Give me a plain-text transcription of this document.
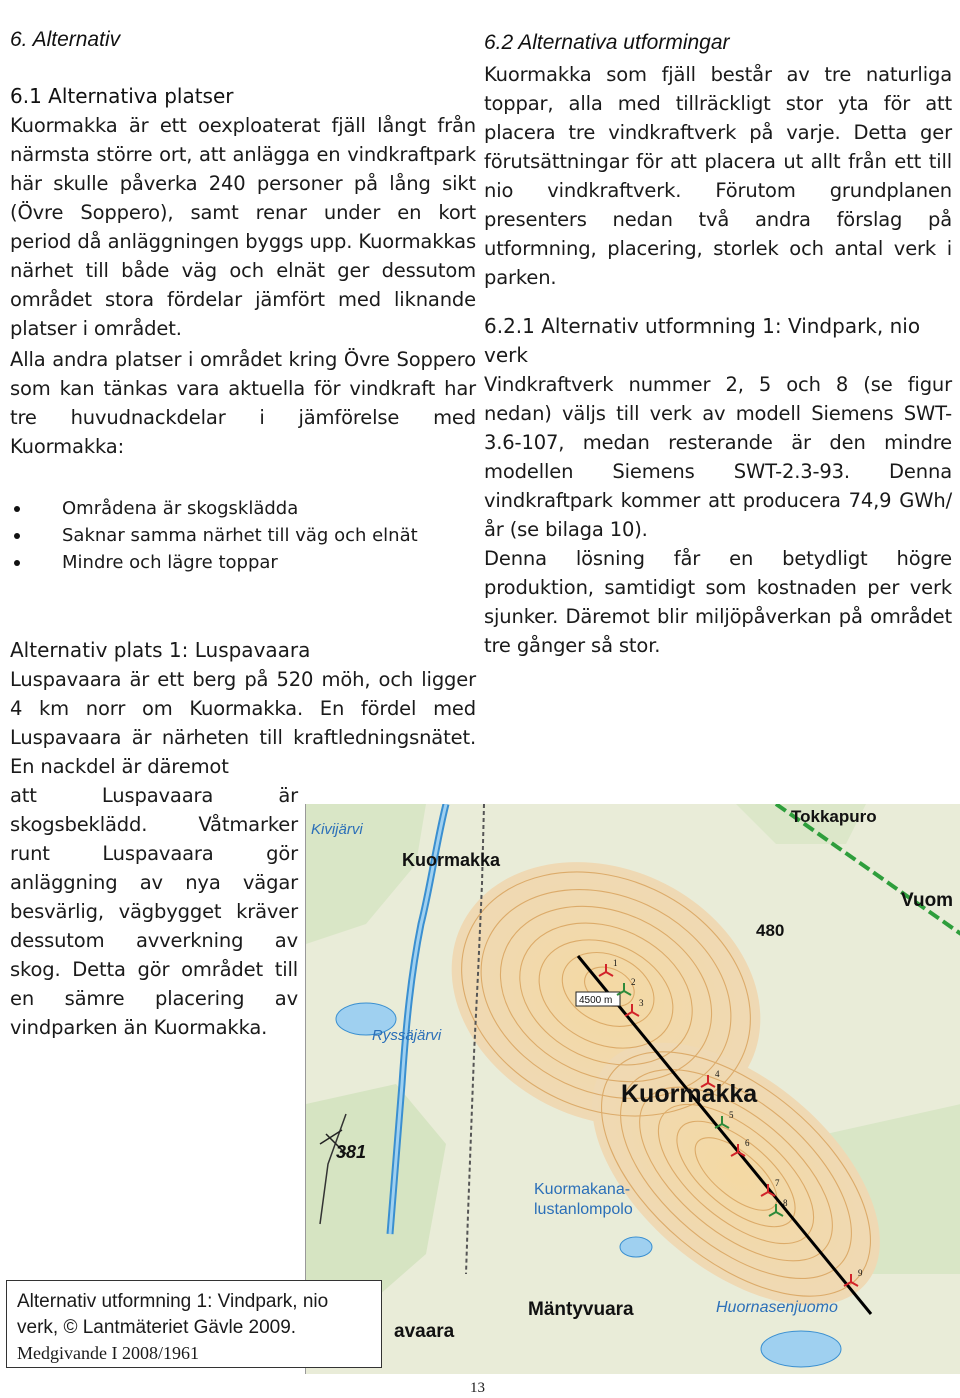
6. Alternativ
6.1 Alternativa platser

Kuormakka är ett oexploaterat fjäll långt från närmsta större ort, att anlägga en vindkraftpark här skulle påverka 240 personer på lång sikt (Övre Soppero), samt renar under en kort period då anläggningen byggs upp. Kuormakkas närhet till både väg och elnät ger dessutom området stora fördelar jämfört med liknande platser i området.

Alla andra platser i området kring Övre Soppero som kan tänkas vara aktuella för vindkraft har tre huvudnackdelar i jämförelse med Kuormakka:

Områdena är skogsklädda
Saknar samma närhet till väg och elnät
Mindre och lägre toppar
Alternativ plats 1: Luspavaara

Luspavaara är ett berg på 520 möh, och ligger 4 km norr om Kuormakka. En fördel med Luspavaara är närheten till kraftledningsnätet. En nackdel är däremot

att Luspavaara är skogsbeklädd. Våtmarker runt Luspavaara gör anläggning av nya vägar besvärlig, vägbygget kräver dessutom avverkning av skog. Detta gör området till en sämre placering av vindparken än Kuormakka.

6.2 Alternativa utformingar

Kuormakka som fjäll består av tre naturliga toppar, alla med tillräckligt stor yta för att placera tre vindkraftverk på varje. Detta ger förutsättningar för att placera ut allt från ett till nio vindkraftverk. Förutom grundplanen presenters nedan två andra förslag på utformning, placering, storlek och antal verk i parken.

6.2.1 Alternativ utformning 1: Vindpark, nio verk

Vindkraftverk nummer 2, 5 och 8 (se figur nedan) väljs till verk av modell Siemens SWT-3.6-107, medan resterande är den mindre modellen Siemens SWT-2.3-93. Denna vindkraftpark kommer att producera 74,9 GWh/år (se bilaga 10).

Denna lösning får en betydligt högre produktion, samtidigt som kostnaden per verk sjunker. Däremot blir miljöpåverkan på området tre gånger så stor.

4500 m
1
2
3
4
5
6
7
8
9
Tokkapuro
Kivijärvi
Kuormakka
Vuom
480
Ryssäjärvi
Kuormakka
Kuormakana-
lustanlompolo
Mäntyvuara	Huornasenjuomo
381
avaara
Alternativ utformning 1: Vindpark, nio
verk, © Lantmäteriet Gävle 2009.
Medgivande I 2008/1961
13
